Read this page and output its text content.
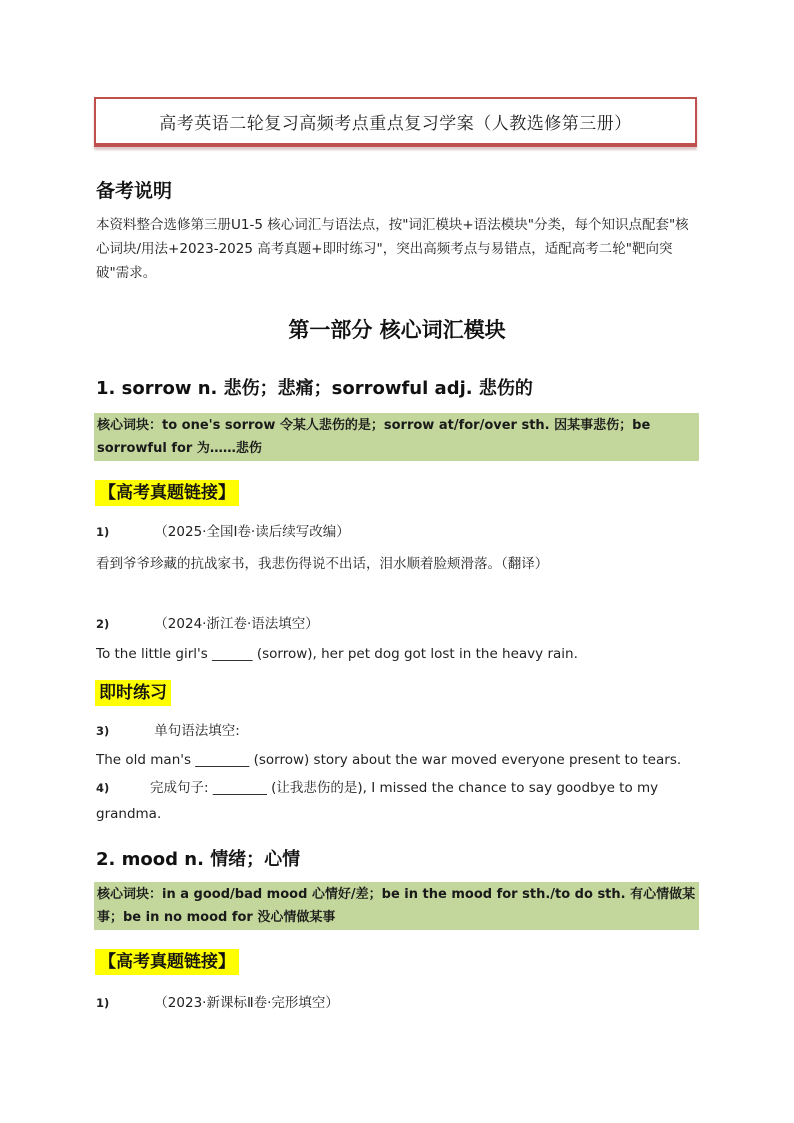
高考英语二轮复习高频考点重点复习学案（人教选修第三册）
备考说明

本资料整合选修第三册U1-5 核心词汇与语法点，按"词汇模块+语法模块"分类，每个知识点配套"核心词块/用法+2023-2025 高考真题+即时练习"，突出高频考点与易错点，适配高考二轮"靶向突破"需求。

第一部分 核心词汇模块
1. sorrow n. 悲伤；悲痛；sorrowful adj. 悲伤的
核心词块：to one's sorrow 令某人悲伤的是；sorrow at/for/over sth. 因某事悲伤；be sorrowful for 为……悲伤
【高考真题链接】
1)	（2025·全国Ⅰ卷·读后续写改编）
看到爷爷珍藏的抗战家书，我悲伤得说不出话，泪水顺着脸颊滑落。（翻译）
2)	（2024·浙江卷·语法填空）
To the little girl's ______ (sorrow), her pet dog got lost in the heavy rain.
即时练习
3)	单句语法填空:
The old man's ________ (sorrow) story about the war moved everyone present to tears.
4)	完成句子: ________ (让我悲伤的是), I missed the chance to say goodbye to my grandma.
2. mood n. 情绪；心情
核心词块：in a good/bad mood 心情好/差；be in the mood for sth./to do sth. 有心情做某事；be in no mood for 没心情做某事
【高考真题链接】
1)	（2023·新课标Ⅱ卷·完形填空）
